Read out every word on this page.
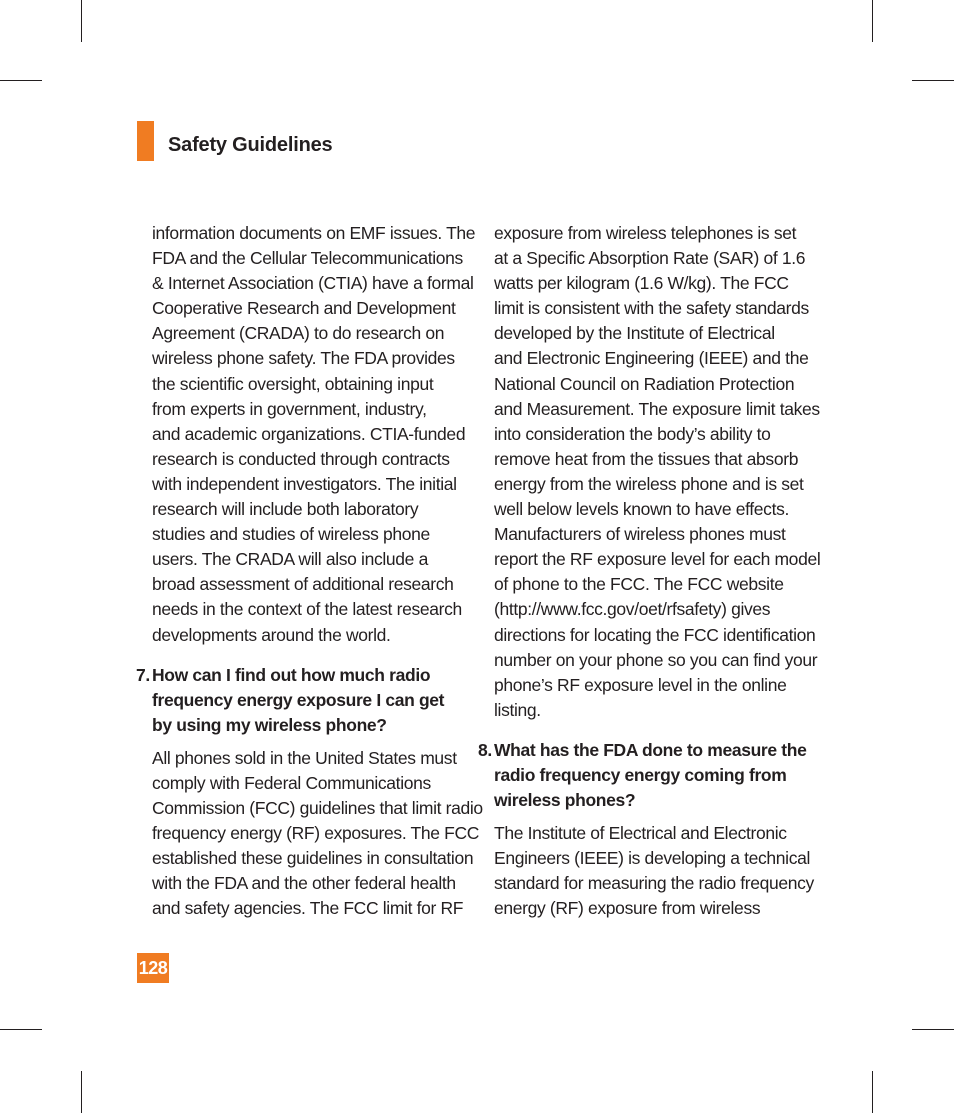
Safety Guidelines
information documents on EMF issues. The
FDA and the Cellular Telecommunications
& Internet Association (CTIA) have a formal
Cooperative Research and Development
Agreement (CRADA) to do research on
wireless phone safety. The FDA provides
the scientific oversight, obtaining input
from experts in government, industry,
and academic organizations. CTIA-funded
research is conducted through contracts
with independent investigators. The initial
research will include both laboratory
studies and studies of wireless phone
users. The CRADA will also include a
broad assessment of additional research
needs in the context of the latest research
developments around the world.
7. How can I find out how much radio
frequency energy exposure I can get
by using my wireless phone?
All phones sold in the United States must
comply with Federal Communications
Commission (FCC) guidelines that limit radio
frequency energy (RF) exposures. The FCC
established these guidelines in consultation
with the FDA and the other federal health
and safety agencies. The FCC limit for RF
exposure from wireless telephones is set
at a Specific Absorption Rate (SAR) of 1.6
watts per kilogram (1.6 W/kg). The FCC
limit is consistent with the safety standards
developed by the Institute of Electrical
and Electronic Engineering (IEEE) and the
National Council on Radiation Protection
and Measurement. The exposure limit takes
into consideration the body’s ability to
remove heat from the tissues that absorb
energy from the wireless phone and is set
well below levels known to have effects.
Manufacturers of wireless phones must
report the RF exposure level for each model
of phone to the FCC. The FCC website
(http://www.fcc.gov/oet/rfsafety) gives
directions for locating the FCC identification
number on your phone so you can find your
phone’s RF exposure level in the online
listing.
8. What has the FDA done to measure the
radio frequency energy coming from
wireless phones?
The Institute of Electrical and Electronic
Engineers (IEEE) is developing a technical
standard for measuring the radio frequency
energy (RF) exposure from wireless
128
